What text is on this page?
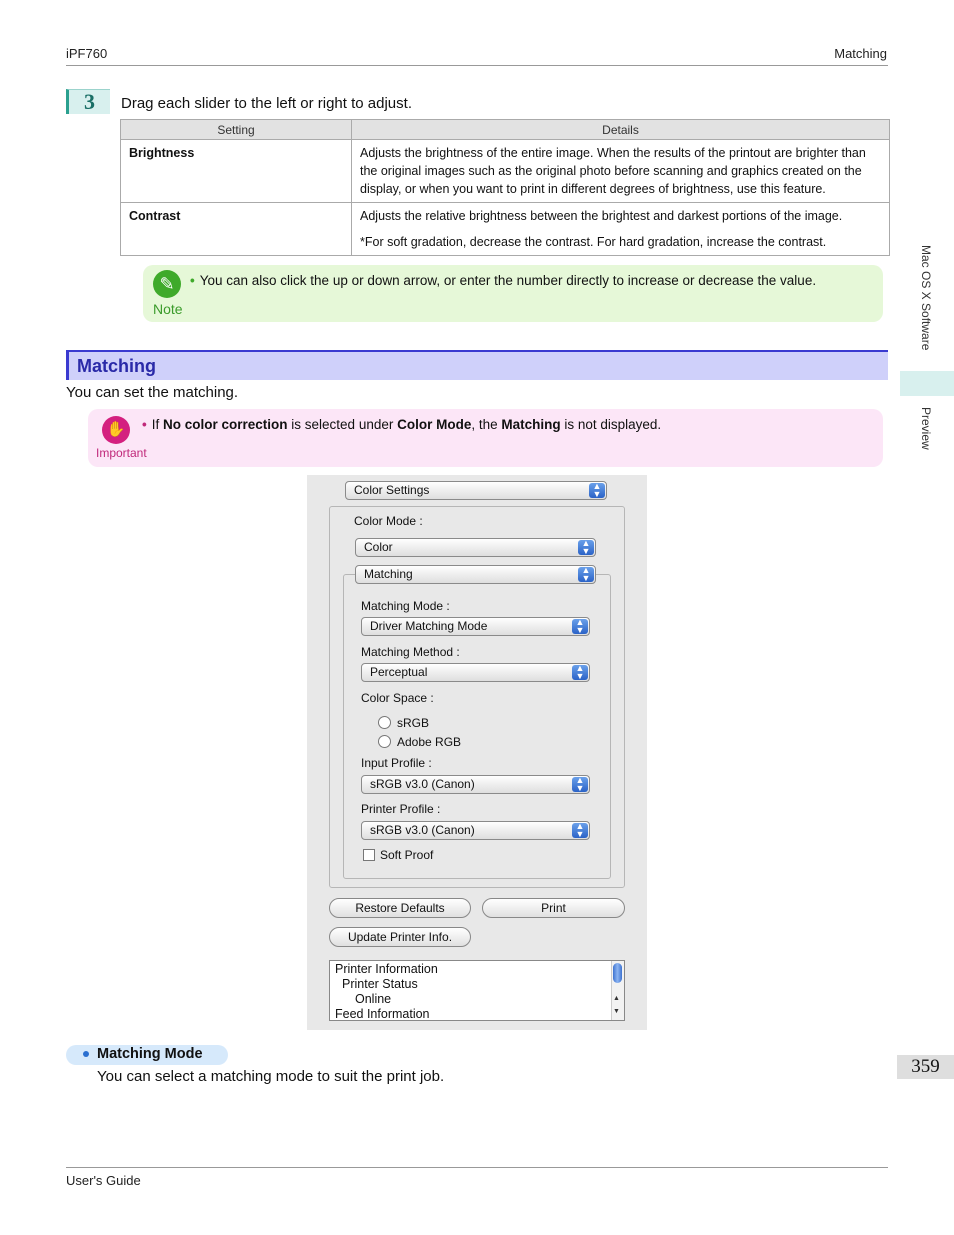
iPF760	Matching
3	Drag each slider to the left or right to adjust.
Setting	Details
Brightness	Adjusts the brightness of the entire image. When the results of the printout are brighter than the original images such as the original photo before scanning and graphics created on the display, or when you want to print in different degrees of brightness, use this feature.

Contrast	Adjusts the relative brightness between the brightest and darkest portions of the image.
*For soft gradation, decrease the contrast. For hard gradation, increase the contrast.
✎
Note
• You can also click the up or down arrow, or enter the number directly to increase or decrease the value.
Matching
You can set the matching.
✋
Important
• If No color correction is selected under Color Mode, the Matching is not displayed.
Color Settings	▲
▼
Color Mode :
Color	▲
▼
Matching	▲
▼
Matching Mode :
Driver Matching Mode	▲
▼
Matching Method :
Perceptual	▲
▼
Color Space :
sRGB
Adobe RGB
Input Profile :
sRGB v3.0 (Canon)	▲
▼
Printer Profile :
sRGB v3.0 (Canon)	▲
▼
Soft Proof
Restore Defaults	Print
Update Printer Info.
Printer Information
Printer Status
Online
Feed Information
▲
▼
Matching Mode
You can select a matching mode to suit the print job.
Mac OS X Software
Preview
359
User's Guide
